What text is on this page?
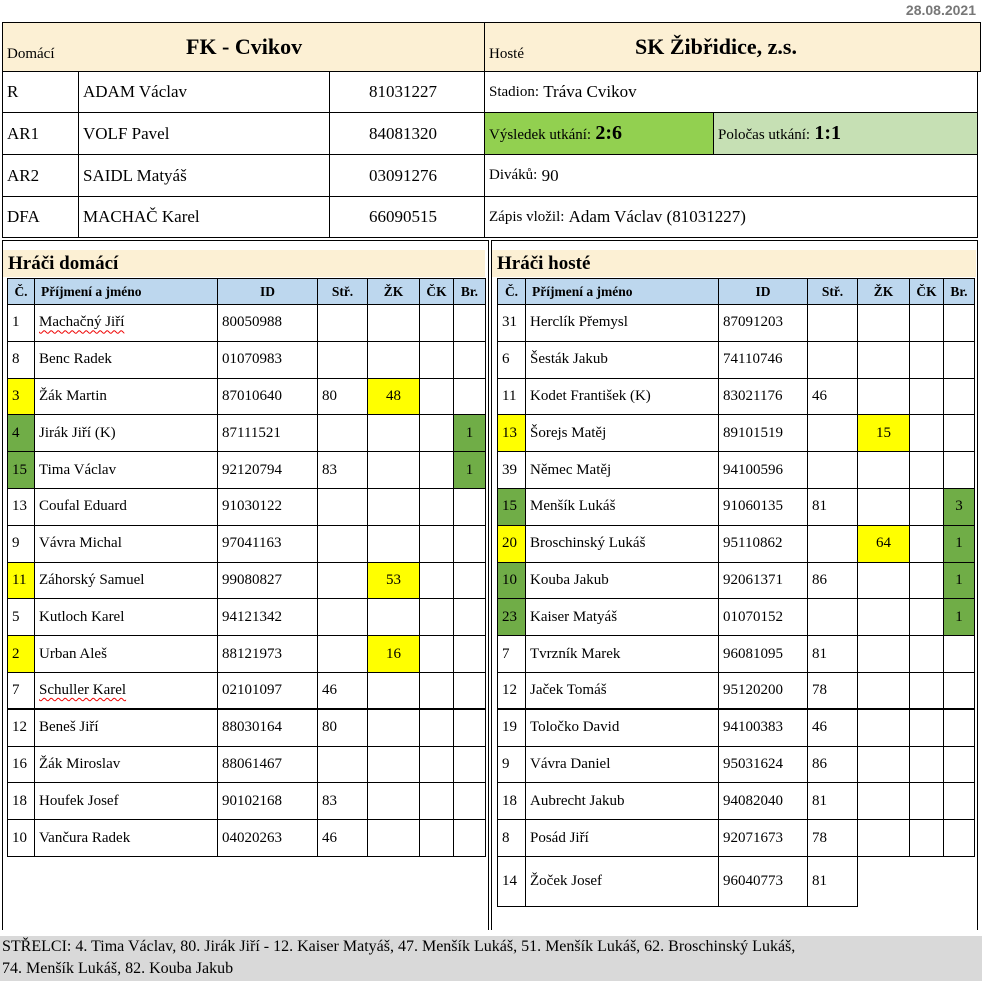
28.08.2021
Domácí	FK - Cvikov	Hosté	SK Žibřidice, z.s.
R	ADAM Václav	81031227
AR1	VOLF Pavel	84081320
AR2	SAIDL Matyáš	03091276
DFA	MACHAČ Karel	66090515
Stadion:
Tráva Cvikov
Výsledek utkání:
2:6	Poločas utkání:
1:1
Diváků:
90
Zápis vložil:
Adam Václav (81031227)
Hráči domácí	Hráči hosté
Č.	Příjmení a jméno	ID	Stř.	ŽK	ČK	Br.
1	Machačný Jiří	80050988				
8	Benc Radek	01070983				
3	Žák Martin	87010640	80	48		
4	Jirák Jiří (K)	87111521				1
15	Tima Václav	92120794	83			1
13	Coufal Eduard	91030122				
9	Vávra Michal	97041163				
11	Záhorský Samuel	99080827		53		
5	Kutloch Karel	94121342				
2	Urban Aleš	88121973		16		
7	Schuller Karel	02101097	46			
12	Beneš Jiří	88030164	80			
16	Žák Miroslav	88061467				
18	Houfek Josef	90102168	83			
10	Vančura Radek	04020263	46			
Č.	Příjmení a jméno	ID	Stř.	ŽK	ČK	Br.
31	Herclík Přemysl	87091203				
6	Šesták Jakub	74110746				
11	Kodet František (K)	83021176	46			
13	Šorejs Matěj	89101519		15		
39	Němec Matěj	94100596				
15	Menšík Lukáš	91060135	81			3
20	Broschinský Lukáš	95110862		64		1
10	Kouba Jakub	92061371	86			1
23	Kaiser Matyáš	01070152				1
7	Tvrzník Marek	96081095	81			
12	Jaček Tomáš	95120200	78			
19	Toločko David	94100383	46			
9	Vávra Daniel	95031624	86			
18	Aubrecht Jakub	94082040	81			
8	Posád Jiří	92071673	78			
14	Žoček Josef	96040773	81			
STŘELCI: 4. Tima Václav, 80. Jirák Jiří - 12. Kaiser Matyáš, 47. Menšík Lukáš, 51. Menšík Lukáš, 62. Broschinský Lukáš,
74. Menšík Lukáš, 82. Kouba Jakub
